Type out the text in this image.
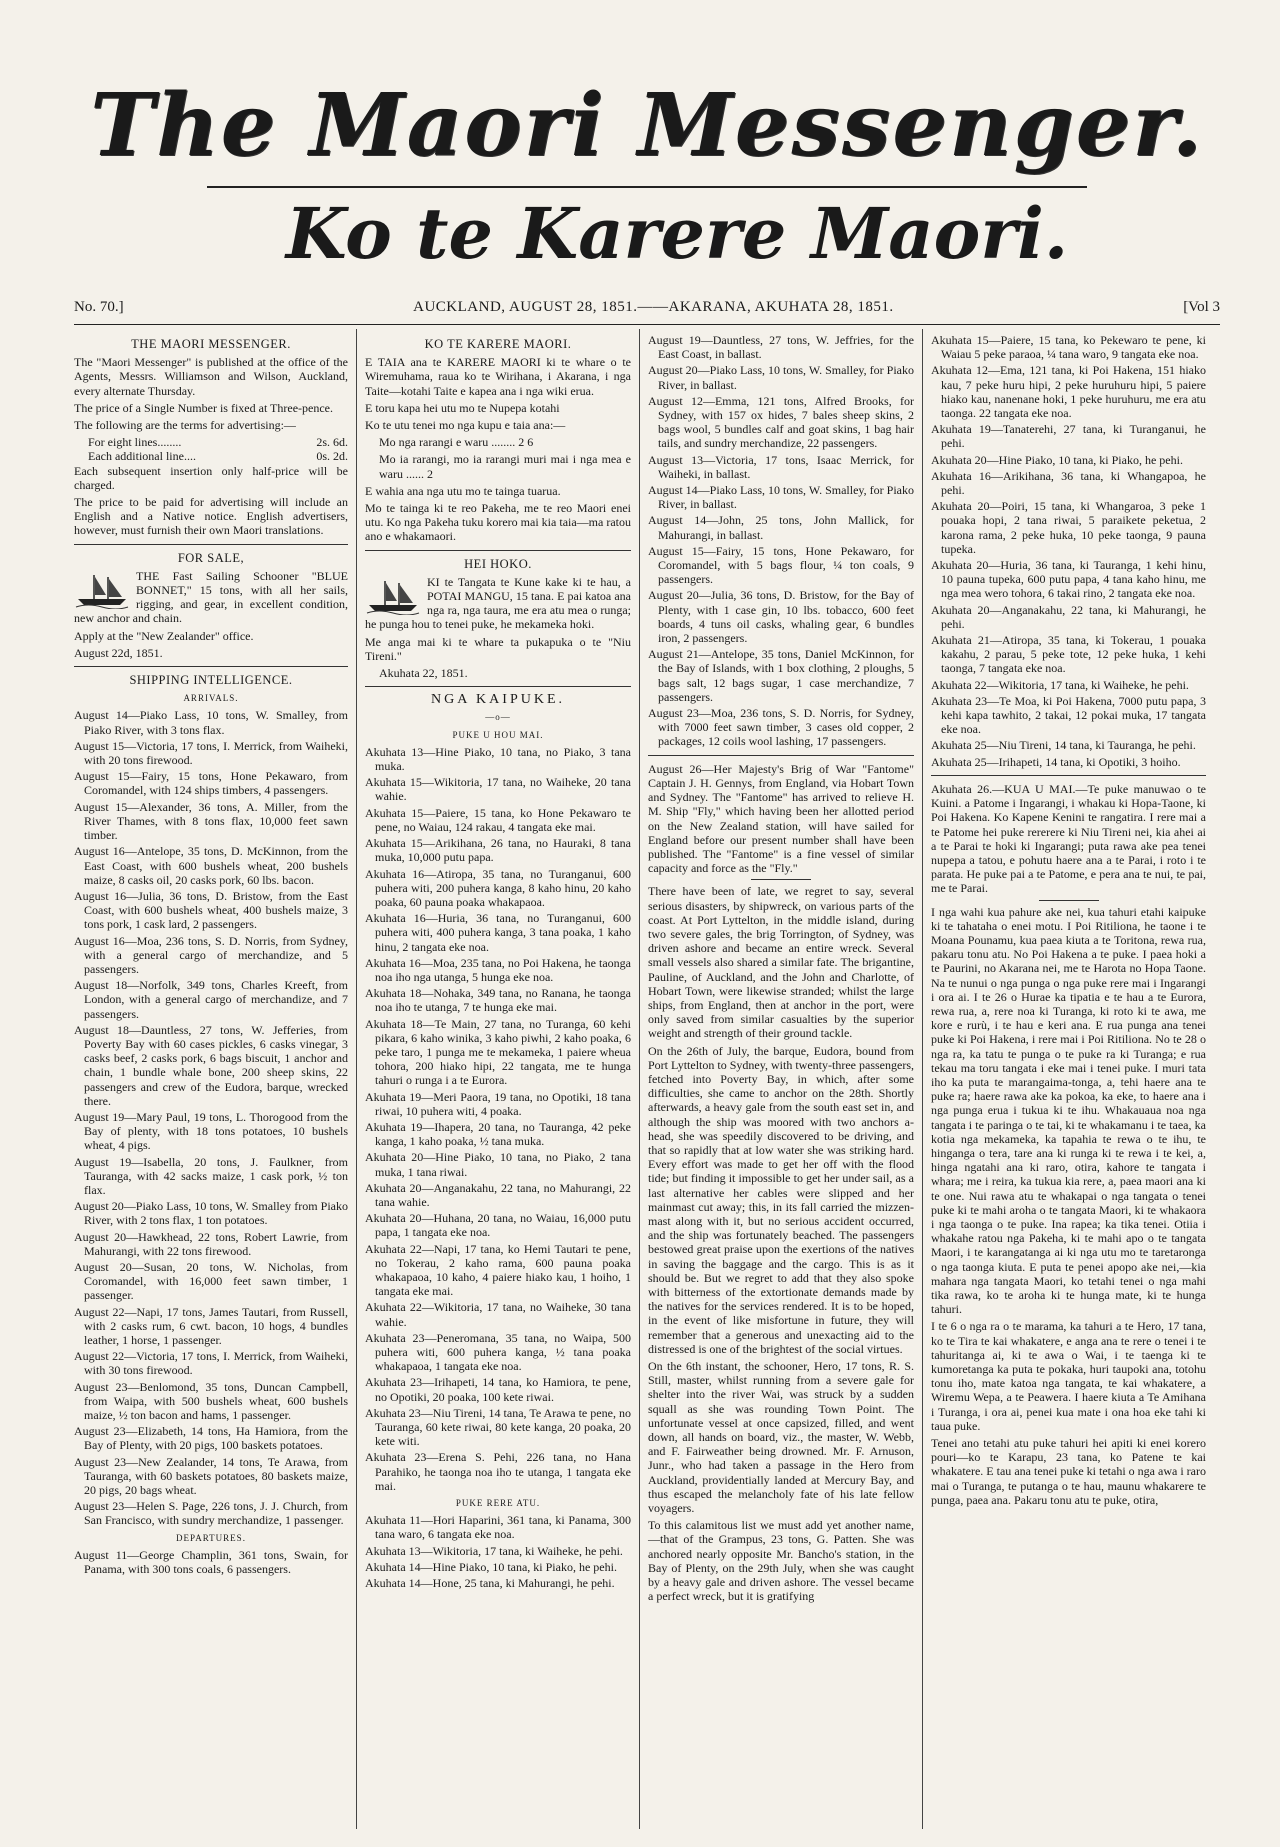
The Maori Messenger.
Ko te Karere Maori.
No. 70.]	AUCKLAND, AUGUST 28, 1851.——AKARANA, AKUHATA 28, 1851.	[Vol 3
THE MAORI MESSENGER.

The "Maori Messenger" is published at the office of the Agents, Messrs. Williamson and Wilson, Auckland, every alternate Thursday.

The price of a Single Number is fixed at Three-pence.

The following are the terms for advertising:—

For eight lines........	2s. 6d.
Each additional line....	0s. 2d.

Each subsequent insertion only half-price will be charged.

The price to be paid for advertising will include an English and a Native notice. English advertisers, however, must furnish their own Maori translations.

FOR SALE,

THE Fast Sailing Schooner "BLUE BONNET," 15 tons, with all her sails, rigging, and gear, in excellent condition, new anchor and chain.

Apply at the "New Zealander" office.

August 22d, 1851.

SHIPPING INTELLIGENCE.
ARRIVALS.

August 14—Piako Lass, 10 tons, W. Smalley, from Piako River, with 3 tons flax.

August 15—Victoria, 17 tons, I. Merrick, from Waiheki, with 20 tons firewood.

August 15—Fairy, 15 tons, Hone Pekawaro, from Coromandel, with 124 ships timbers, 4 passengers.

August 15—Alexander, 36 tons, A. Miller, from the River Thames, with 8 tons flax, 10,000 feet sawn timber.

August 16—Antelope, 35 tons, D. McKinnon, from the East Coast, with 600 bushels wheat, 200 bushels maize, 8 casks oil, 20 casks pork, 60 lbs. bacon.

August 16—Julia, 36 tons, D. Bristow, from the East Coast, with 600 bushels wheat, 400 bushels maize, 3 tons pork, 1 cask lard, 2 passengers.

August 16—Moa, 236 tons, S. D. Norris, from Sydney, with a general cargo of merchandize, and 5 passengers.

August 18—Norfolk, 349 tons, Charles Kreeft, from London, with a general cargo of merchandize, and 7 passengers.

August 18—Dauntless, 27 tons, W. Jefferies, from Poverty Bay with 60 cases pickles, 6 casks vinegar, 3 casks beef, 2 casks pork, 6 bags biscuit, 1 anchor and chain, 1 bundle whale bone, 200 sheep skins, 22 passengers and crew of the Eudora, barque, wrecked there.

August 19—Mary Paul, 19 tons, L. Thorogood from the Bay of plenty, with 18 tons potatoes, 10 bushels wheat, 4 pigs.

August 19—Isabella, 20 tons, J. Faulkner, from Tauranga, with 42 sacks maize, 1 cask pork, ½ ton flax.

August 20—Piako Lass, 10 tons, W. Smalley from Piako River, with 2 tons flax, 1 ton potatoes.

August 20—Hawkhead, 22 tons, Robert Lawrie, from Mahurangi, with 22 tons firewood.

August 20—Susan, 20 tons, W. Nicholas, from Coromandel, with 16,000 feet sawn timber, 1 passenger.

August 22—Napi, 17 tons, James Tautari, from Russell, with 2 casks rum, 6 cwt. bacon, 10 hogs, 4 bundles leather, 1 horse, 1 passenger.

August 22—Victoria, 17 tons, I. Merrick, from Waiheki, with 30 tons firewood.

August 23—Benlomond, 35 tons, Duncan Campbell, from Waipa, with 500 bushels wheat, 600 bushels maize, ½ ton bacon and hams, 1 passenger.

August 23—Elizabeth, 14 tons, Ha Hamiora, from the Bay of Plenty, with 20 pigs, 100 baskets potatoes.

August 23—New Zealander, 14 tons, Te Arawa, from Tauranga, with 60 baskets potatoes, 80 baskets maize, 20 pigs, 20 bags wheat.

August 23—Helen S. Page, 226 tons, J. J. Church, from San Francisco, with sundry merchandize, 1 passenger.

DEPARTURES.

August 11—George Champlin, 361 tons, Swain, for Panama, with 300 tons coals, 6 passengers.

KO TE KARERE MAORI.

E TAIA ana te KARERE MAORI ki te whare o te Wiremuhama, raua ko te Wirihana, i Akarana, i nga Taite—kotahi Taite e kapea ana i nga wiki erua.

E toru kapa hei utu mo te Nupepa kotahi

Ko te utu tenei mo nga kupu e taia ana:—

Mo nga rarangi e waru ........ 2 6

Mo ia rarangi, mo ia rarangi muri mai i nga mea e waru ...... 2

E wahia ana nga utu mo te tainga tuarua.

Mo te tainga ki te reo Pakeha, me te reo Maori enei utu. Ko nga Pakeha tuku korero mai kia taia—ma ratou ano e whakamaori.

HEI HOKO.

KI te Tangata te Kune kake ki te hau, a POTAI MANGU, 15 tana. E pai katoa ana nga ra, nga taura, me era atu mea o runga; he punga hou to tenei puke, he mekameka hoki.

Me anga mai ki te whare ta pukapuka o te "Niu Tireni."

Akuhata 22, 1851.

NGA KAIPUKE.
—o—
PUKE U HOU MAI.

Akuhata 13—Hine Piako, 10 tana, no Piako, 3 tana muka.

Akuhata 15—Wikitoria, 17 tana, no Waiheke, 20 tana wahie.

Akuhata 15—Paiere, 15 tana, ko Hone Pekawaro te pene, no Waiau, 124 rakau, 4 tangata eke mai.

Akuhata 15—Arikihana, 26 tana, no Hauraki, 8 tana muka, 10,000 putu papa.

Akuhata 16—Atiropa, 35 tana, no Turanganui, 600 puhera witi, 200 puhera kanga, 8 kaho hinu, 20 kaho poaka, 60 pauna poaka whakapaoa.

Akuhata 16—Huria, 36 tana, no Turanganui, 600 puhera witi, 400 puhera kanga, 3 tana poaka, 1 kaho hinu, 2 tangata eke noa.

Akuhata 16—Moa, 235 tana, no Poi Hakena, he taonga noa iho nga utanga, 5 hunga eke noa.

Akuhata 18—Nohaka, 349 tana, no Ranana, he taonga noa iho te utanga, 7 te hunga eke mai.

Akuhata 18—Te Main, 27 tana, no Turanga, 60 kehi pikara, 6 kaho winika, 3 kaho piwhi, 2 kaho poaka, 6 peke taro, 1 punga me te mekameka, 1 paiere wheua tohora, 200 hiako hipi, 22 tangata, me te hunga tahuri o runga i a te Eurora.

Akuhata 19—Meri Paora, 19 tana, no Opotiki, 18 tana riwai, 10 puhera witi, 4 poaka.

Akuhata 19—Ihapera, 20 tana, no Tauranga, 42 peke kanga, 1 kaho poaka, ½ tana muka.

Akuhata 20—Hine Piako, 10 tana, no Piako, 2 tana muka, 1 tana riwai.

Akuhata 20—Anganakahu, 22 tana, no Mahurangi, 22 tana wahie.

Akuhata 20—Huhana, 20 tana, no Waiau, 16,000 putu papa, 1 tangata eke noa.

Akuhata 22—Napi, 17 tana, ko Hemi Tautari te pene, no Tokerau, 2 kaho rama, 600 pauna poaka whakapaoa, 10 kaho, 4 paiere hiako kau, 1 hoiho, 1 tangata eke mai.

Akuhata 22—Wikitoria, 17 tana, no Waiheke, 30 tana wahie.

Akuhata 23—Peneromana, 35 tana, no Waipa, 500 puhera witi, 600 puhera kanga, ½ tana poaka whakapaoa, 1 tangata eke noa.

Akuhata 23—Irihapeti, 14 tana, ko Hamiora, te pene, no Opotiki, 20 poaka, 100 kete riwai.

Akuhata 23—Niu Tireni, 14 tana, Te Arawa te pene, no Tauranga, 60 kete riwai, 80 kete kanga, 20 poaka, 20 kete witi.

Akuhata 23—Erena S. Pehi, 226 tana, no Hana Parahiko, he taonga noa iho te utanga, 1 tangata eke mai.

PUKE RERE ATU.

Akuhata 11—Hori Haparini, 361 tana, ki Panama, 300 tana waro, 6 tangata eke noa.

Akuhata 13—Wikitoria, 17 tana, ki Waiheke, he pehi.

Akuhata 14—Hine Piako, 10 tana, ki Piako, he pehi.

Akuhata 14—Hone, 25 tana, ki Mahurangi, he pehi.

August 19—Dauntless, 27 tons, W. Jeffries, for the East Coast, in ballast.

August 20—Piako Lass, 10 tons, W. Smalley, for Piako River, in ballast.

August 12—Emma, 121 tons, Alfred Brooks, for Sydney, with 157 ox hides, 7 bales sheep skins, 2 bags wool, 5 bundles calf and goat skins, 1 bag hair tails, and sundry merchandize, 22 passengers.

August 13—Victoria, 17 tons, Isaac Merrick, for Waiheki, in ballast.

August 14—Piako Lass, 10 tons, W. Smalley, for Piako River, in ballast.

August 14—John, 25 tons, John Mallick, for Mahurangi, in ballast.

August 15—Fairy, 15 tons, Hone Pekawaro, for Coromandel, with 5 bags flour, ¼ ton coals, 9 passengers.

August 20—Julia, 36 tons, D. Bristow, for the Bay of Plenty, with 1 case gin, 10 lbs. tobacco, 600 feet boards, 4 tuns oil casks, whaling gear, 6 bundles iron, 2 passengers.

August 21—Antelope, 35 tons, Daniel McKinnon, for the Bay of Islands, with 1 box clothing, 2 ploughs, 5 bags salt, 12 bags sugar, 1 case merchandize, 7 passengers.

August 23—Moa, 236 tons, S. D. Norris, for Sydney, with 7000 feet sawn timber, 3 cases old copper, 2 packages, 12 coils wool lashing, 17 passengers.

August 26—Her Majesty's Brig of War "Fantome" Captain J. H. Gennys, from England, via Hobart Town and Sydney. The "Fantome" has arrived to relieve H. M. Ship "Fly," which having been her allotted period on the New Zealand station, will have sailed for England before our present number shall have been published. The "Fantome" is a fine vessel of similar capacity and force as the "Fly."

There have been of late, we regret to say, several serious disasters, by shipwreck, on various parts of the coast. At Port Lyttelton, in the middle island, during two severe gales, the brig Torrington, of Sydney, was driven ashore and became an entire wreck. Several small vessels also shared a similar fate. The brigantine, Pauline, of Auckland, and the John and Charlotte, of Hobart Town, were likewise stranded; whilst the large ships, from England, then at anchor in the port, were only saved from similar casualties by the superior weight and strength of their ground tackle.

On the 26th of July, the barque, Eudora, bound from Port Lyttelton to Sydney, with twenty-three passengers, fetched into Poverty Bay, in which, after some difficulties, she came to anchor on the 28th. Shortly afterwards, a heavy gale from the south east set in, and although the ship was moored with two anchors a-head, she was speedily discovered to be driving, and that so rapidly that at low water she was striking hard. Every effort was made to get her off with the flood tide; but finding it impossible to get her under sail, as a last alternative her cables were slipped and her mainmast cut away; this, in its fall carried the mizzen-mast along with it, but no serious accident occurred, and the ship was fortunately beached. The passengers bestowed great praise upon the exertions of the natives in saving the baggage and the cargo. This is as it should be. But we regret to add that they also spoke with bitterness of the extortionate demands made by the natives for the services rendered. It is to be hoped, in the event of like misfortune in future, they will remember that a generous and unexacting aid to the distressed is one of the brightest of the social virtues.

On the 6th instant, the schooner, Hero, 17 tons, R. S. Still, master, whilst running from a severe gale for shelter into the river Wai, was struck by a sudden squall as she was rounding Town Point. The unfortunate vessel at once capsized, filled, and went down, all hands on board, viz., the master, W. Webb, and F. Fairweather being drowned. Mr. F. Arnuson, Junr., who had taken a passage in the Hero from Auckland, providentially landed at Mercury Bay, and thus escaped the melancholy fate of his late fellow voyagers.

To this calamitous list we must add yet another name,—that of the Grampus, 23 tons, G. Patten. She was anchored nearly opposite Mr. Bancho's station, in the Bay of Plenty, on the 29th July, when she was caught by a heavy gale and driven ashore. The vessel became a perfect wreck, but it is gratifying

Akuhata 15—Paiere, 15 tana, ko Pekewaro te pene, ki Waiau 5 peke paraoa, ¼ tana waro, 9 tangata eke noa.

Akuhata 12—Ema, 121 tana, ki Poi Hakena, 151 hiako kau, 7 peke huru hipi, 2 peke huruhuru hipi, 5 paiere hiako kau, nanenane hoki, 1 peke huruhuru, me era atu taonga. 22 tangata eke noa.

Akuhata 19—Tanaterehi, 27 tana, ki Turanganui, he pehi.

Akuhata 20—Hine Piako, 10 tana, ki Piako, he pehi.

Akuhata 16—Arikihana, 36 tana, ki Whangapoa, he pehi.

Akuhata 20—Poiri, 15 tana, ki Whangaroa, 3 peke 1 pouaka hopi, 2 tana riwai, 5 paraikete peketua, 2 karona rama, 2 peke huka, 10 peke taonga, 9 pauna tupeka.

Akuhata 20—Huria, 36 tana, ki Tauranga, 1 kehi hinu, 10 pauna tupeka, 600 putu papa, 4 tana kaho hinu, me nga mea wero tohora, 6 takai rino, 2 tangata eke noa.

Akuhata 20—Anganakahu, 22 tana, ki Mahurangi, he pehi.

Akuhata 21—Atiropa, 35 tana, ki Tokerau, 1 pouaka kakahu, 2 parau, 5 peke tote, 12 peke huka, 1 kehi taonga, 7 tangata eke noa.

Akuhata 22—Wikitoria, 17 tana, ki Waiheke, he pehi.

Akuhata 23—Te Moa, ki Poi Hakena, 7000 putu papa, 3 kehi kapa tawhito, 2 takai, 12 pokai muka, 17 tangata eke noa.

Akuhata 25—Niu Tireni, 14 tana, ki Tauranga, he pehi.

Akuhata 25—Irihapeti, 14 tana, ki Opotiki, 3 hoiho.

Akuhata 26.—KUA U MAI.—Te puke manuwao o te Kuini. a Patome i Ingarangi, i whakau ki Hopa-Taone, ki Poi Hakena. Ko Kapene Kenini te rangatira. I rere mai a te Patome hei puke rererere ki Niu Tireni nei, kia ahei ai a te Parai te hoki ki Ingarangi; puta rawa ake pea tenei nupepa a tatou, e pohutu haere ana a te Parai, i roto i te parata. He puke pai a te Patome, e pera ana te nui, te pai, me te Parai.

I nga wahi kua pahure ake nei, kua tahuri etahi kaipuke ki te tahataha o enei motu. I Poi Ritiliona, he taone i te Moana Pounamu, kua paea kiuta a te Toritona, rewa rua, pakaru tonu atu. No Poi Hakena a te puke. I paea hoki a te Paurini, no Akarana nei, me te Harota no Hopa Taone. Na te nunui o nga punga o nga puke rere mai i Ingarangi i ora ai. I te 26 o Hurae ka tipatia e te hau a te Eurora, rewa rua, a, rere noa ki Turanga, ki roto ki te awa, me kore e rurù, i te hau e keri ana. E rua punga ana tenei puke ki Poi Hakena, i rere mai i Poi Ritiliona. No te 28 o nga ra, ka tatu te punga o te puke ra ki Turanga; e rua tekau ma toru tangata i eke mai i tenei puke. I muri tata iho ka puta te marangaima-tonga, a, tehi haere ana te puke ra; haere rawa ake ka pokoa, ka eke, to haere ana i nga punga erua i tukua ki te ihu. Whakauaua noa nga tangata i te paringa o te tai, ki te whakamanu i te taea, ka kotia nga mekameka, ka tapahia te rewa o te ihu, te hinganga o tera, tare ana ki runga ki te rewa i te kei, a, hinga ngatahi ana ki raro, otira, kahore te tangata i whara; me i reira, ka tukua kia rere, a, paea maori ana ki te one. Nui rawa atu te whakapai o nga tangata o tenei puke ki te mahi aroha o te tangata Maori, ki te whakaora i nga taonga o te puke. Ina rapea; ka tika tenei. Otiia i whakahe ratou nga Pakeha, ki te mahi apo o te tangata Maori, i te karangatanga ai ki nga utu mo te taretaronga o nga taonga kiuta. E puta te penei apopo ake nei,—kia mahara nga tangata Maori, ko tetahi tenei o nga mahi tika rawa, ko te aroha ki te hunga mate, ki te hunga tahuri.

I te 6 o nga ra o te marama, ka tahuri a te Hero, 17 tana, ko te Tira te kai whakatere, e anga ana te rere o tenei i te tahuritanga ai, ki te awa o Wai, i te taenga ki te kumoretanga ka puta te pokaka, huri taupoki ana, totohu tonu iho, mate katoa nga tangata, te kai whakatere, a Wiremu Wepa, a te Peawera. I haere kiuta a Te Amihana i Turanga, i ora ai, penei kua mate i ona hoa eke tahi ki taua puke.

Tenei ano tetahi atu puke tahuri hei apiti ki enei korero pouri—ko te Karapu, 23 tana, ko Patene te kai whakatere. E tau ana tenei puke ki tetahi o nga awa i raro mai o Turanga, te putanga o te hau, maunu whakarere te punga, paea ana. Pakaru tonu atu te puke, otira,
